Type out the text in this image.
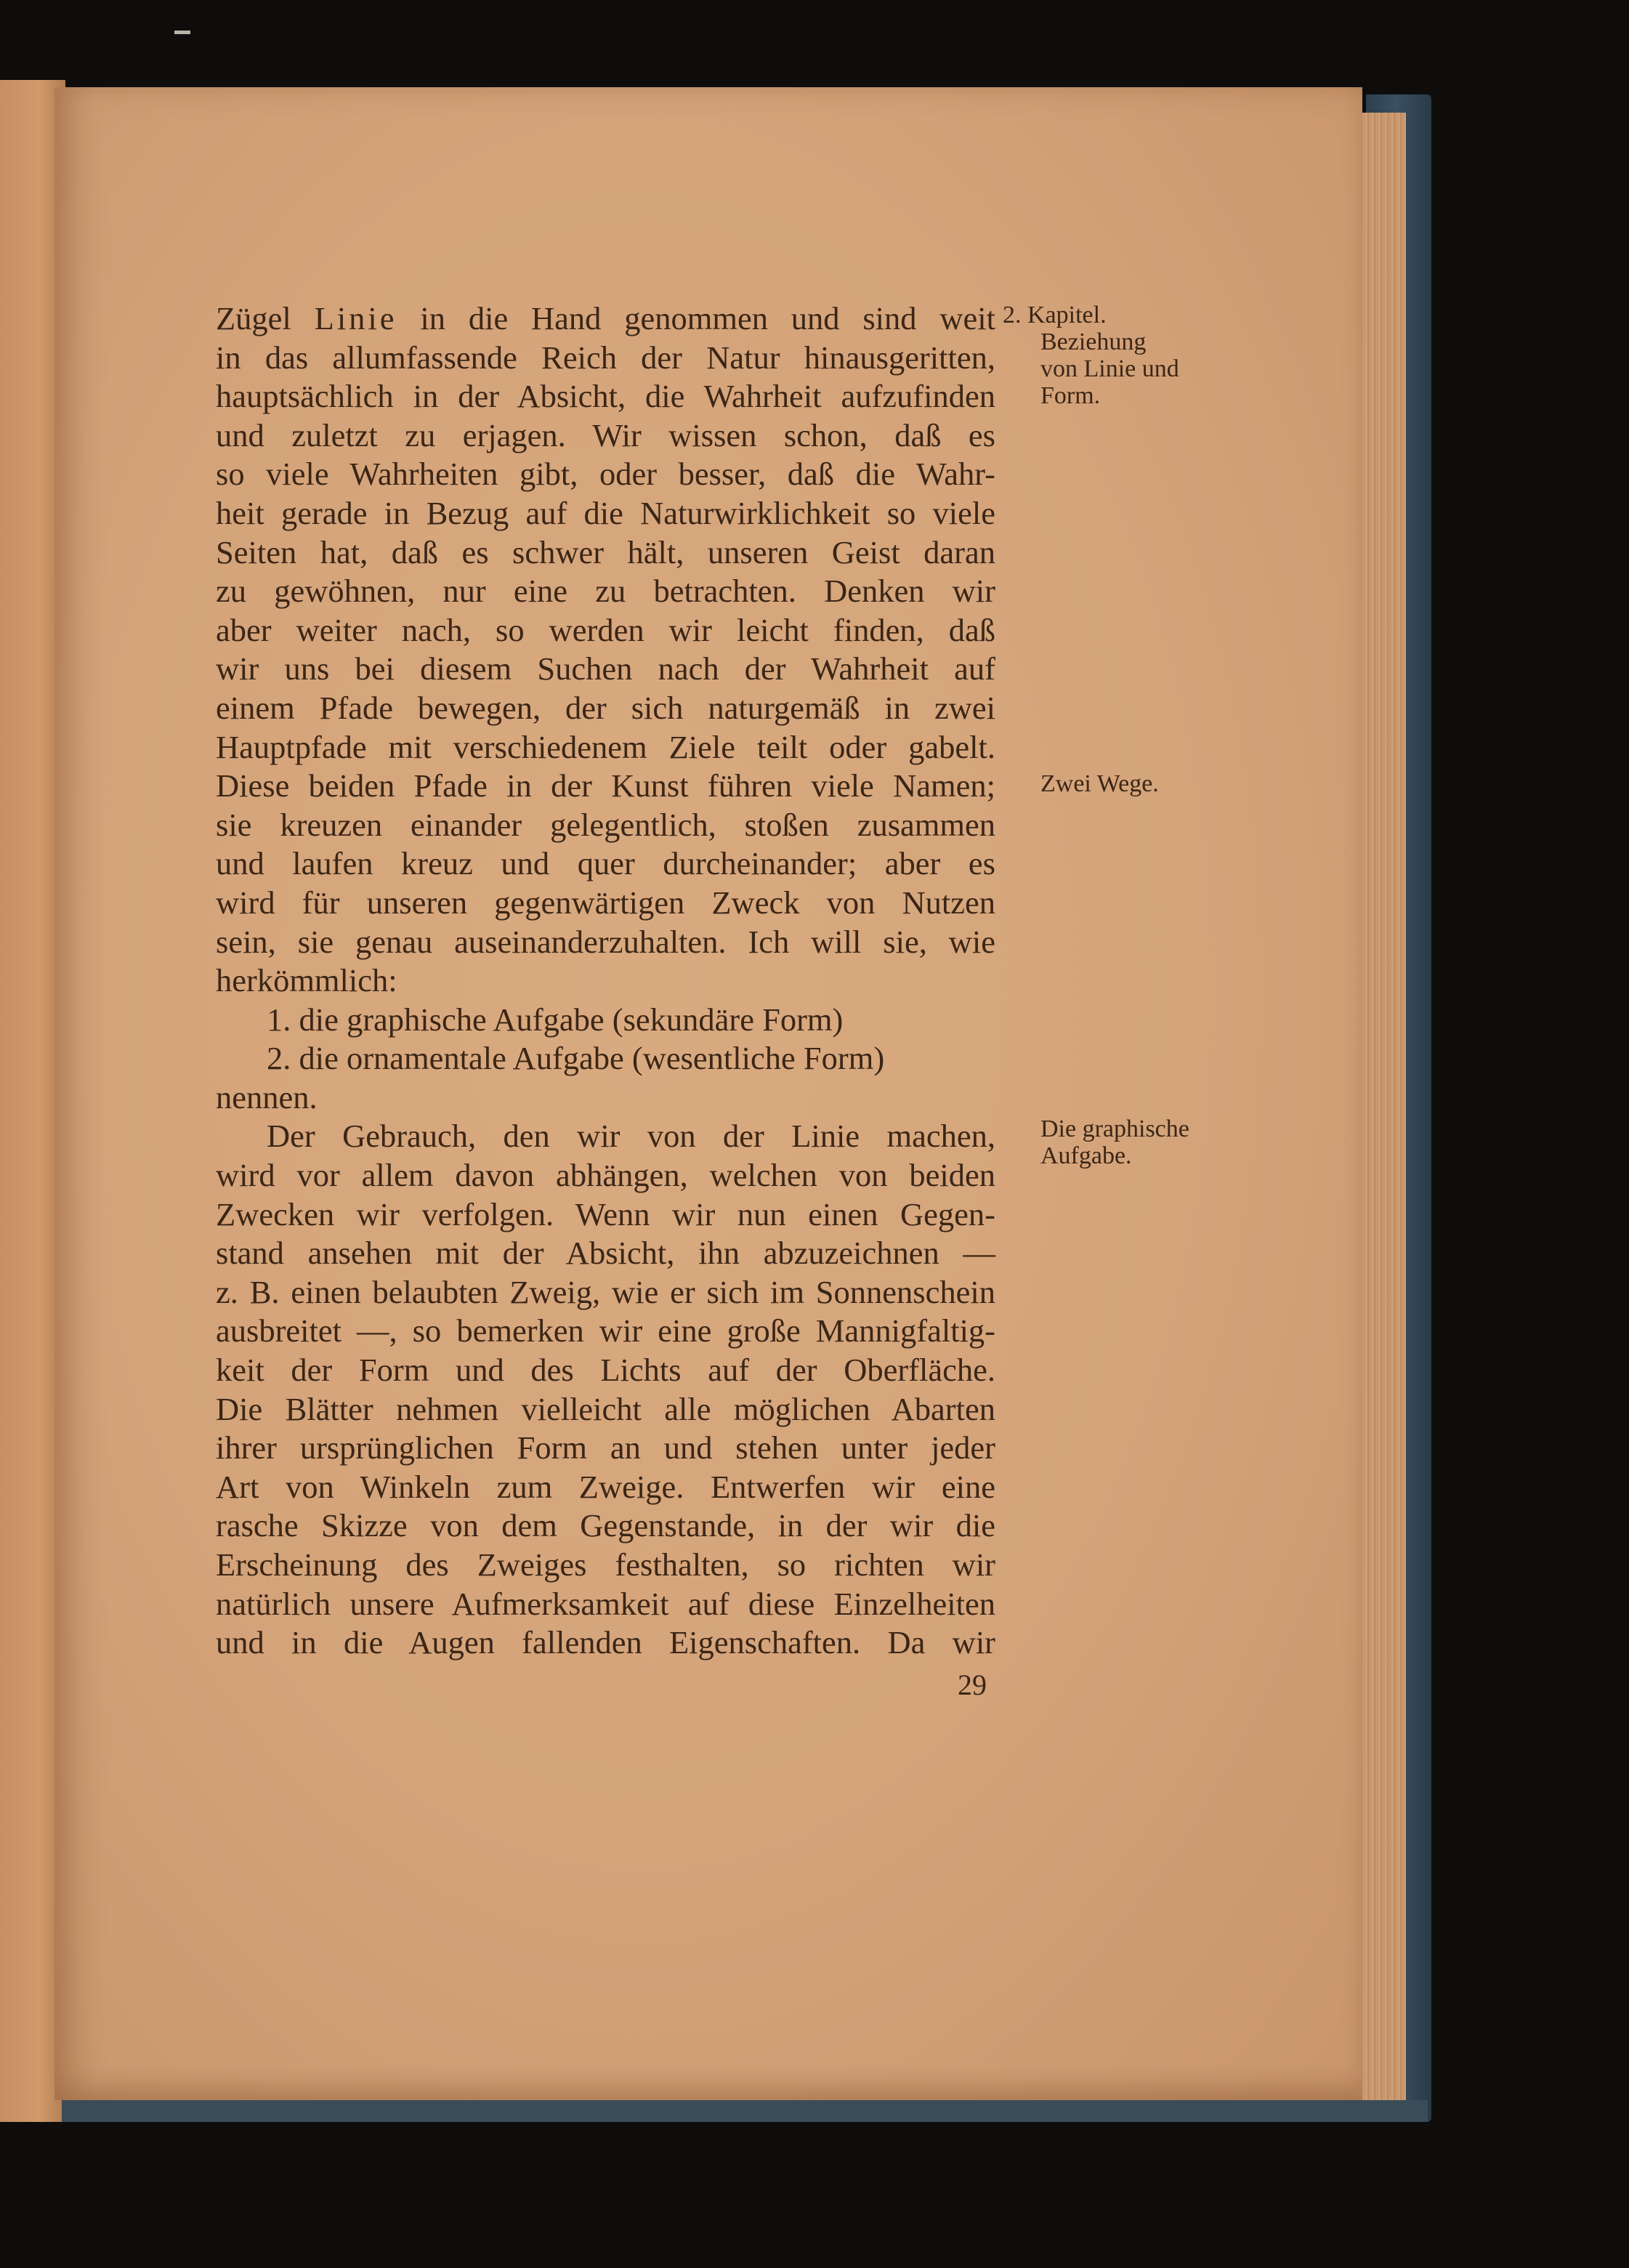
Zügel Linie in die Hand genommen und sind weit
in das allumfassende Reich der Natur hinausgeritten,
hauptsächlich in der Absicht, die Wahrheit aufzufinden
und zuletzt zu erjagen. Wir wissen schon, daß es
so viele Wahrheiten gibt, oder besser, daß die Wahr-
heit gerade in Bezug auf die Naturwirklichkeit so viele
Seiten hat, daß es schwer hält, unseren Geist daran
zu gewöhnen, nur eine zu betrachten. Denken wir
aber weiter nach, so werden wir leicht finden, daß
wir uns bei diesem Suchen nach der Wahrheit auf
einem Pfade bewegen, der sich naturgemäß in zwei
Hauptpfade mit verschiedenem Ziele teilt oder gabelt.
Diese beiden Pfade in der Kunst führen viele Namen;
sie kreuzen einander gelegentlich, stoßen zusammen
und laufen kreuz und quer durcheinander; aber es
wird für unseren gegenwärtigen Zweck von Nutzen
sein, sie genau auseinanderzuhalten. Ich will sie, wie
herkömmlich:
1. die graphische Aufgabe (sekundäre Form)
2. die ornamentale Aufgabe (wesentliche Form)
nennen.
Der Gebrauch, den wir von der Linie machen,
wird vor allem davon abhängen, welchen von beiden
Zwecken wir verfolgen. Wenn wir nun einen Gegen-
stand ansehen mit der Absicht, ihn abzuzeichnen —
z. B. einen belaubten Zweig, wie er sich im Sonnenschein
ausbreitet —, so bemerken wir eine große Mannigfaltig-
keit der Form und des Lichts auf der Oberfläche.
Die Blätter nehmen vielleicht alle möglichen Abarten
ihrer ursprünglichen Form an und stehen unter jeder
Art von Winkeln zum Zweige. Entwerfen wir eine
rasche Skizze von dem Gegenstande, in der wir die
Erscheinung des Zweiges festhalten, so richten wir
natürlich unsere Aufmerksamkeit auf diese Einzelheiten
und in die Augen fallenden Eigenschaften. Da wir
2. Kapitel.
Beziehung
von Linie und
Form.
Zwei Wege.
Die graphische
Aufgabe.
29
